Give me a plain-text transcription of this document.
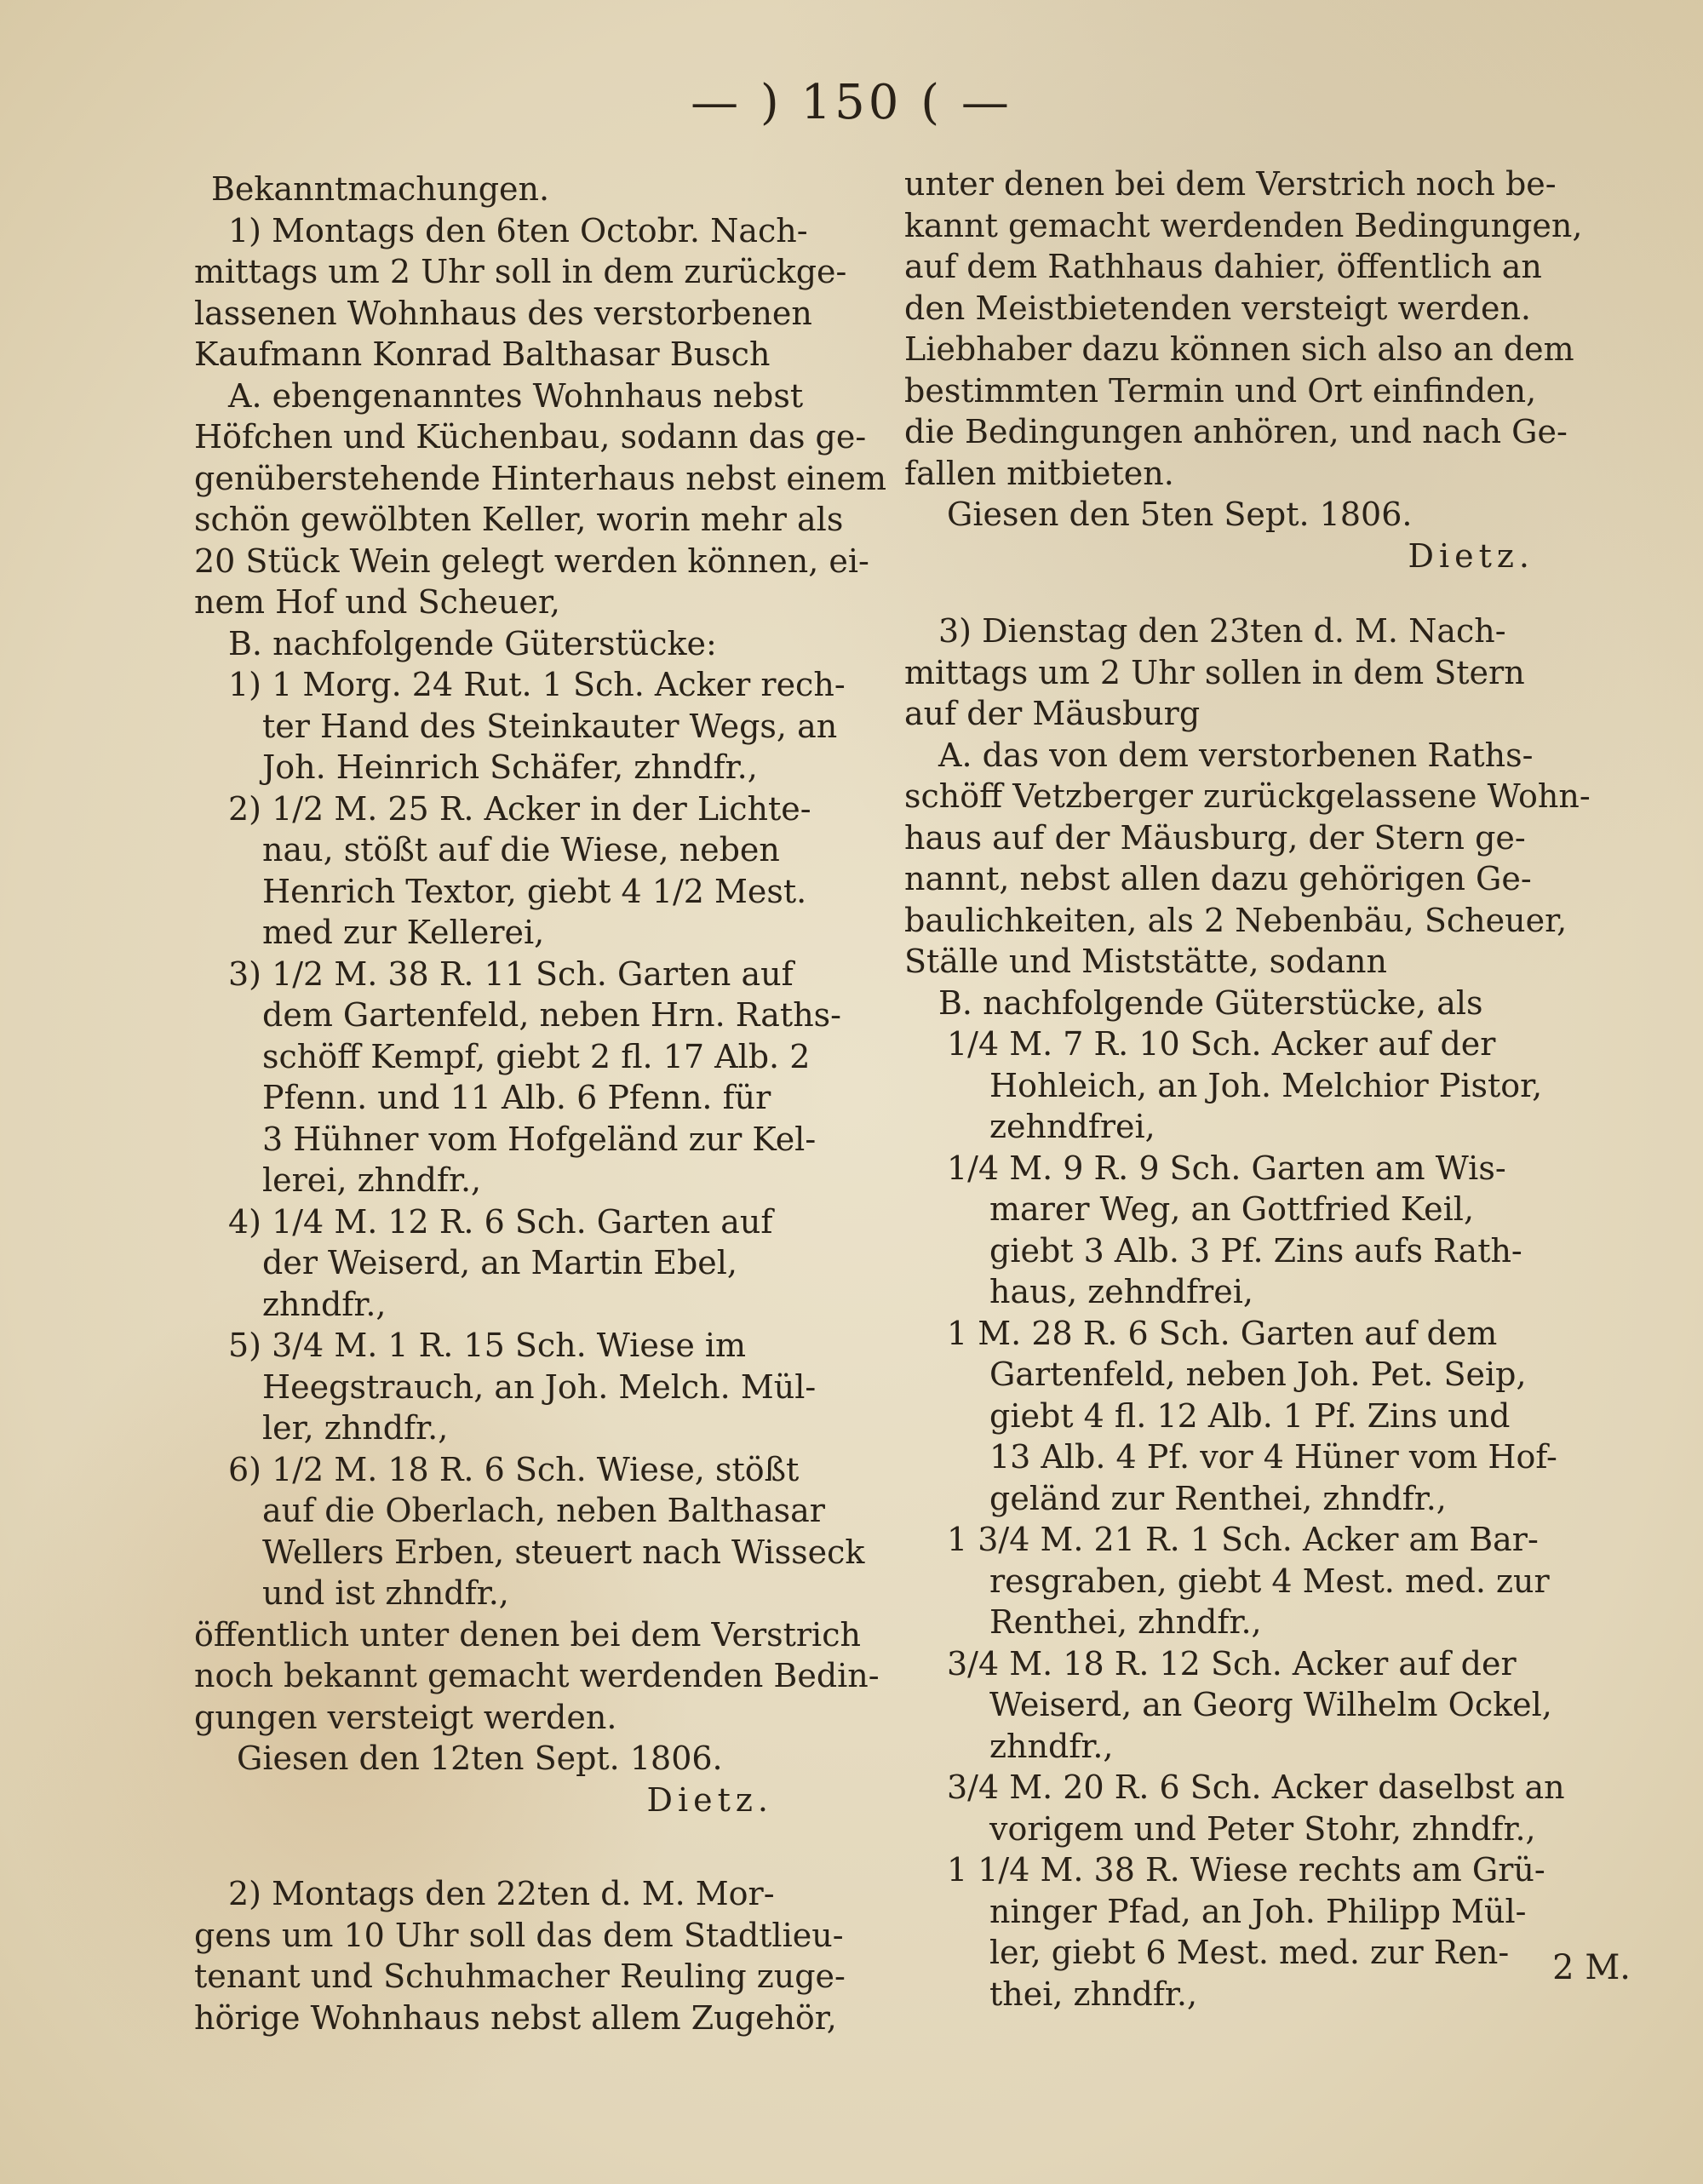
— ) 150 ( —
Bekanntmachungen.
1) Montags den 6ten Octobr. Nach-
mittags um 2 Uhr soll in dem zurückge-
lassenen Wohnhaus des verstorbenen
Kaufmann Konrad Balthasar Busch
A. ebengenanntes Wohnhaus nebst
Höfchen und Küchenbau, sodann das ge-
genüberstehende Hinterhaus nebst einem
schön gewölbten Keller, worin mehr als
20 Stück Wein gelegt werden können, ei-
nem Hof und Scheuer,
B. nachfolgende Güterstücke:
1) 1 Morg. 24 Rut. 1 Sch. Acker rech-
ter Hand des Steinkauter Wegs, an
Joh. Heinrich Schäfer, zhndfr.,
2) 1/2 M. 25 R. Acker in der Lichte-
nau, stößt auf die Wiese, neben
Henrich Textor, giebt 4 1/2 Mest.
med zur Kellerei,
3) 1/2 M. 38 R. 11 Sch. Garten auf
dem Gartenfeld, neben Hrn. Raths-
schöff Kempf, giebt 2 fl. 17 Alb. 2
Pfenn. und 11 Alb. 6 Pfenn. für
3 Hühner vom Hofgeländ zur Kel-
lerei, zhndfr.,
4) 1/4 M. 12 R. 6 Sch. Garten auf
der Weiserd, an Martin Ebel,
zhndfr.,
5) 3/4 M. 1 R. 15 Sch. Wiese im
Heegstrauch, an Joh. Melch. Mül-
ler, zhndfr.,
6) 1/2 M. 18 R. 6 Sch. Wiese, stößt
auf die Oberlach, neben Balthasar
Wellers Erben, steuert nach Wisseck
und ist zhndfr.,
öffentlich unter denen bei dem Verstrich
noch bekannt gemacht werdenden Bedin-
gungen versteigt werden.
Giesen den 12ten Sept. 1806.
Dietz.
2) Montags den 22ten d. M. Mor-
gens um 10 Uhr soll das dem Stadtlieu-
tenant und Schuhmacher Reuling zuge-
hörige Wohnhaus nebst allem Zugehör,
unter denen bei dem Verstrich noch be-
kannt gemacht werdenden Bedingungen,
auf dem Rathhaus dahier, öffentlich an
den Meistbietenden versteigt werden.
Liebhaber dazu können sich also an dem
bestimmten Termin und Ort einfinden,
die Bedingungen anhören, und nach Ge-
fallen mitbieten.
Giesen den 5ten Sept. 1806.
Dietz.
3) Dienstag den 23ten d. M. Nach-
mittags um 2 Uhr sollen in dem Stern
auf der Mäusburg
A. das von dem verstorbenen Raths-
schöff Vetzberger zurückgelassene Wohn-
haus auf der Mäusburg, der Stern ge-
nannt, nebst allen dazu gehörigen Ge-
baulichkeiten, als 2 Nebenbäu, Scheuer,
Ställe und Miststätte, sodann
B. nachfolgende Güterstücke, als
1/4 M. 7 R. 10 Sch. Acker auf der
Hohleich, an Joh. Melchior Pistor,
zehndfrei,
1/4 M. 9 R. 9 Sch. Garten am Wis-
marer Weg, an Gottfried Keil,
giebt 3 Alb. 3 Pf. Zins aufs Rath-
haus, zehndfrei,
1 M. 28 R. 6 Sch. Garten auf dem
Gartenfeld, neben Joh. Pet. Seip,
giebt 4 fl. 12 Alb. 1 Pf. Zins und
13 Alb. 4 Pf. vor 4 Hüner vom Hof-
geländ zur Renthei, zhndfr.,
1 3/4 M. 21 R. 1 Sch. Acker am Bar-
resgraben, giebt 4 Mest. med. zur
Renthei, zhndfr.,
3/4 M. 18 R. 12 Sch. Acker auf der
Weiserd, an Georg Wilhelm Ockel,
zhndfr.,
3/4 M. 20 R. 6 Sch. Acker daselbst an
vorigem und Peter Stohr, zhndfr.,
1 1/4 M. 38 R. Wiese rechts am Grü-
ninger Pfad, an Joh. Philipp Mül-
ler, giebt 6 Mest. med. zur Ren-
thei, zhndfr.,
2 M.
